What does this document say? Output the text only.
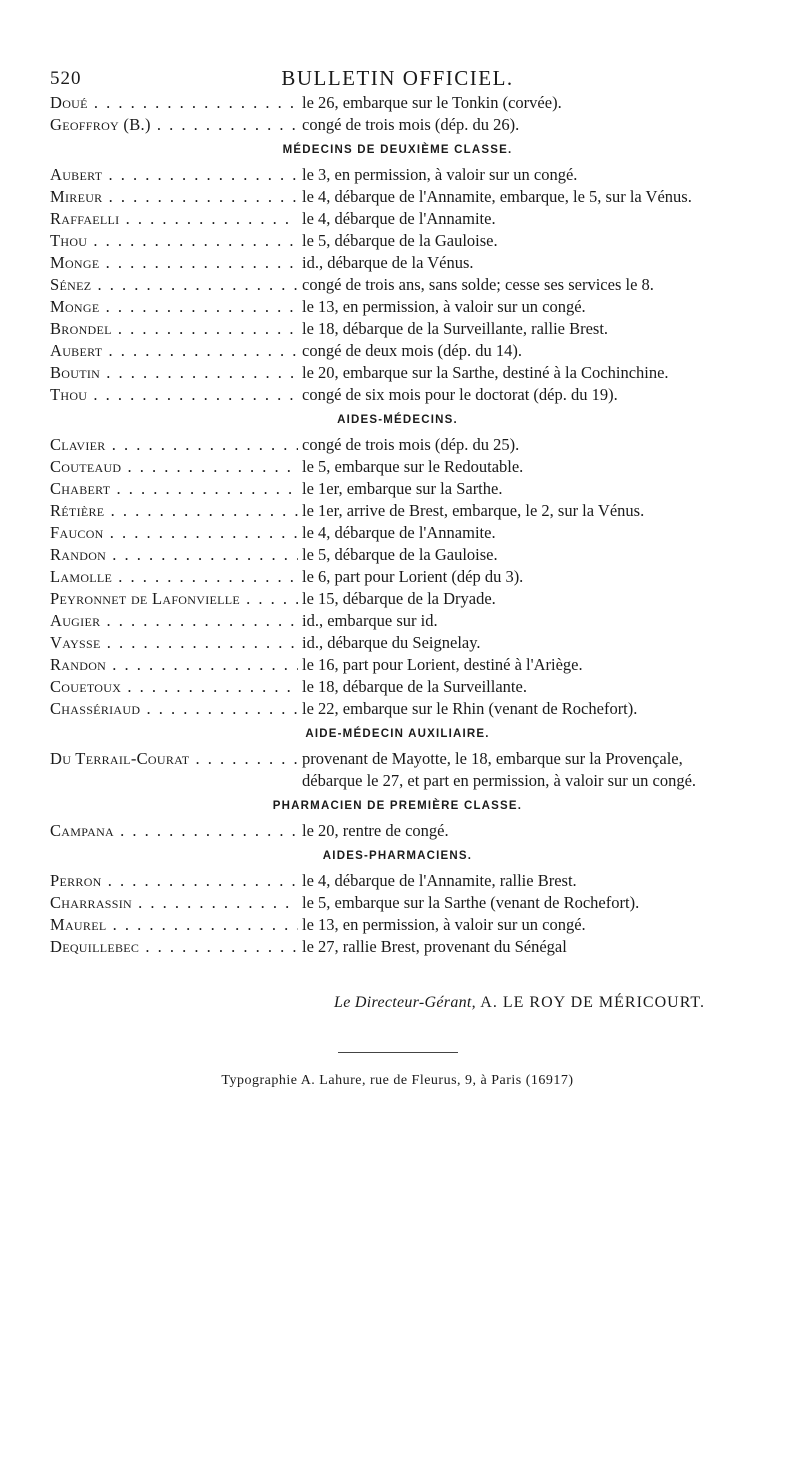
520	BULLETIN OFFICIEL.
Doué . . .	le 26, embarque sur le Tonkin (corvée).
Geoffroy (B.) . . .	congé de trois mois (dép. du 26).
MÉDECINS DE DEUXIÈME CLASSE.
Aubert . . .	le 3, en permission, à valoir sur un congé.
Mireur . . .	le 4, débarque de l'Annamite, embarque, le 5, sur la Vénus.
Raffaelli . . .	le 4, débarque de l'Annamite.
Thou . . .	le 5, débarque de la Gauloise.
Monge . . .	id., débarque de la Vénus.
Sénez . . .	congé de trois ans, sans solde; cesse ses services le 8.
Monge . . .	le 13, en permission, à valoir sur un congé.
Brondel . . .	le 18, débarque de la Surveillante, rallie Brest.
Aubert . . .	congé de deux mois (dép. du 14).
Boutin . . .	le 20, embarque sur la Sarthe, destiné à la Cochinchine.
Thou . . .	congé de six mois pour le doctorat (dép. du 19).
AIDES-MÉDECINS.
Clavier . . .	congé de trois mois (dép. du 25).
Couteaud . . .	le 5, embarque sur le Redoutable.
Chabert . . .	le 1er, embarque sur la Sarthe.
Rétière . . .	le 1er, arrive de Brest, embarque, le 2, sur la Vénus.
Faucon . . .	le 4, débarque de l'Annamite.
Randon . . .	le 5, débarque de la Gauloise.
Lamolle . . .	le 6, part pour Lorient (dép du 3).
Peyronnet de Lafonvielle . . .	le 15, débarque de la Dryade.
Augier . . .	id., embarque sur id.
Vaysse . . .	id., débarque du Seignelay.
Randon . . .	le 16, part pour Lorient, destiné à l'Ariège.
Couetoux . . .	le 18, débarque de la Surveillante.
Chassériaud . . .	le 22, embarque sur le Rhin (venant de Rochefort).
AIDE-MÉDECIN AUXILIAIRE.
Du Terrail-Courat . . .	provenant de Mayotte, le 18, embarque sur la Provençale, débarque le 27, et part en permission, à valoir sur un congé.
PHARMACIEN DE PREMIÈRE CLASSE.
Campana . . .	le 20, rentre de congé.
AIDES-PHARMACIENS.
Perron . . .	le 4, débarque de l'Annamite, rallie Brest.
Charrassin . . .	le 5, embarque sur la Sarthe (venant de Rochefort).
Maurel . . .	le 13, en permission, à valoir sur un congé.
Dequillebec . . .	le 27, rallie Brest, provenant du Sénégal
Le Directeur-Gérant, A. LE ROY DE MÉRICOURT.
Typographie A. Lahure, rue de Fleurus, 9, à Paris (16917)
